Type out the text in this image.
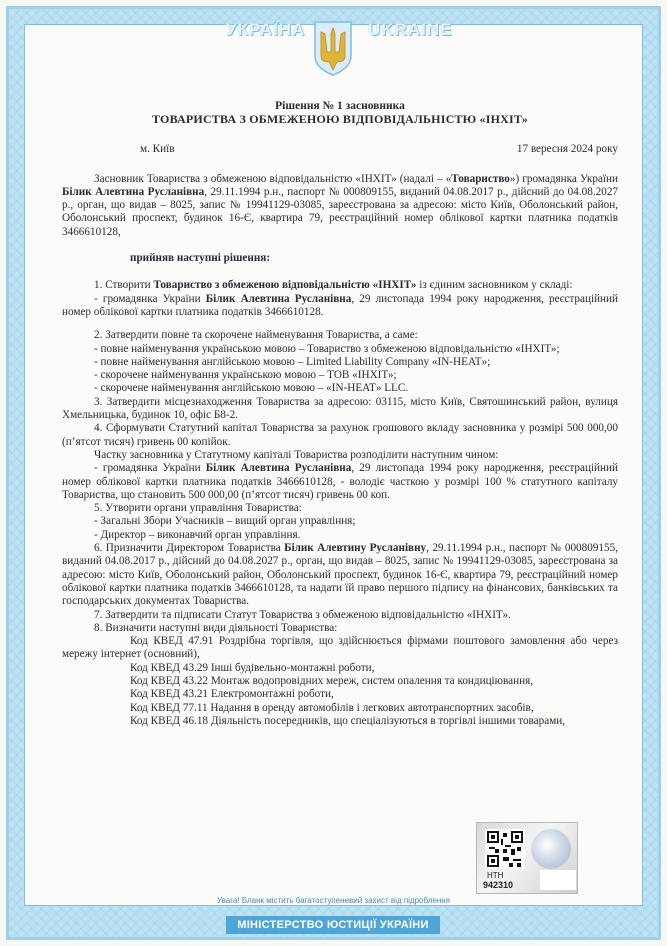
УКРАЇНА	UKRAINE

Рішення № 1 засновника

ТОВАРИСТВА З ОБМЕЖЕНОЮ ВІДПОВІДАЛЬНІСТЮ «ІНХІТ»

м. Київ	17 вересня 2024 року

Засновник Товариства з обмеженою відповідальністю «ІНХІТ» (надалі – «Товариство») громадянка України Білик Алевтина Русланівна, 29.11.1994 р.н., паспорт № 000809155, виданий 04.08.2017 р., дійсний до 04.08.2027 р., орган, що видав – 8025, запис № 19941129-03085, зареєстрована за адресою: місто Київ, Оболонський район, Оболонський проспект, будинок 16-Є, квартира 79, реєстраційний номер облікової картки платника податків 3466610128,

прийняв наступні рішення:

1. Створити Товариство з обмеженою відповідальністю «ІНХІТ» із єдиним засновником у складі:

- громадянка України Білик Алевтина Русланівна, 29 листопада 1994 року народження, реєстраційний номер облікової картки платника податків 3466610128.

2. Затвердити повне та скорочене найменування Товариства, а саме:

- повне найменування українською мовою – Товариство з обмеженою відповідальністю «ІНХІТ»;

- повне найменування англійською мовою – Limited Liability Company «IN-HEAT»;

- скорочене найменування українською мовою – ТОВ «ІНХІТ»;

- скорочене найменування англійською мовою – «IN-HEAT» LLC.

3. Затвердити місцезнаходження Товариства за адресою: 03115, місто Київ, Святошинський район, вулиця Хмельницька, будинок 10, офіс Б8-2.

4. Сформувати Статутний капітал Товариства за рахунок грошового вкладу засновника у розмірі 500 000,00 (п’ятсот тисяч) гривень 00 копійок.

Частку засновника у Статутному капіталі Товариства розподілити наступним чином:

- громадянка України Білик Алевтина Русланівна, 29 листопада 1994 року народження, реєстраційний номер облікової картки платника податків 3466610128, - володіє часткою у розмірі 100 % статутного капіталу Товариства, що становить 500 000,00 (п’ятсот тисяч) гривень 00 коп.

5. Утворити органи управління Товариства:

- Загальні Збори Учасників – вищий орган управління;

- Директор – виконавчий орган управління.

6. Призначити Директором Товариства Білик Алевтину Русланівну, 29.11.1994 р.н., паспорт № 000809155, виданий 04.08.2017 р., дійсний до 04.08.2027 р., орган, що видав – 8025, запис № 19941129-03085, зареєстрована за адресою: місто Київ, Оболонський район, Оболонський проспект, будинок 16-Є, квартира 79, реєстраційний номер облікової картки платника податків 3466610128, та надати їй право першого підпису на фінансових, банківських та господарських документах Товариства.

7. Затвердити та підписати Статут Товариства з обмеженою відповідальністю «ІНХІТ».

8. Визначити наступні види діяльності Товариства:

Код КВЕД 47.91 Роздрібна торгівля, що здійснюється фірмами поштового замовлення або через мережу інтернет (основний),

Код КВЕД 43.29 Інші будівельно-монтажні роботи,

Код КВЕД 43.22 Монтаж водопровідних мереж, систем опалення та кондиціювання,

Код КВЕД 43.21 Електромонтажні роботи,

Код КВЕД 77.11 Надання в оренду автомобілів і легкових автотранспортних засобів,

Код КВЕД 46.18 Діяльність посередників, що спеціалізуються в торгівлі іншими товарами,

НТН
942310
Увага! Бланк містить багатоступеневий захист від підроблення
МІНІСТЕРСТВО ЮСТИЦІЇ УКРАЇНИ
